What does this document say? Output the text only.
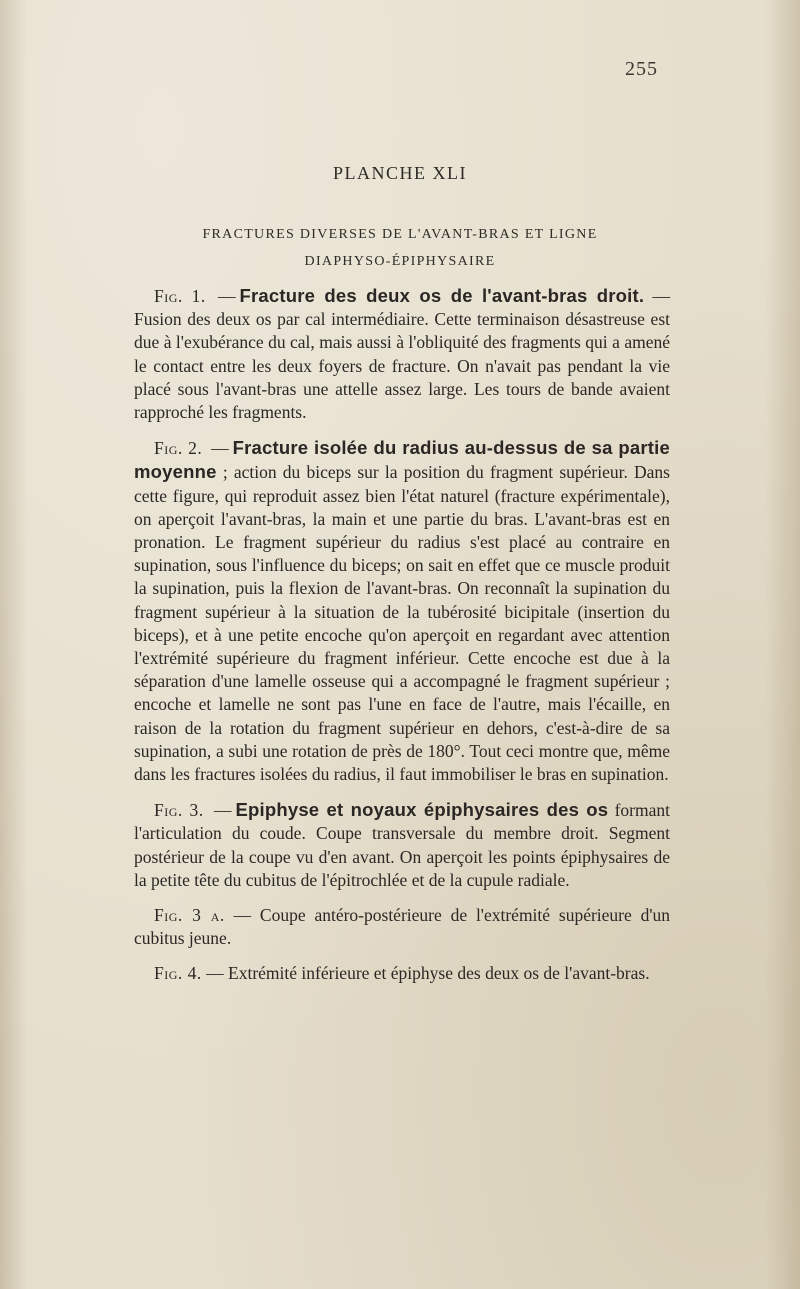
255
PLANCHE XLI
FRACTURES DIVERSES DE L'AVANT-BRAS ET LIGNE
DIAPHYSO-ÉPIPHYSAIRE

Fig. 1. — Fracture des deux os de l'avant-bras droit. — Fusion des deux os par cal intermédiaire. Cette terminaison désastreuse est due à l'exubérance du cal, mais aussi à l'obliquité des fragments qui a amené le contact entre les deux foyers de fracture. On n'avait pas pendant la vie placé sous l'avant-bras une attelle assez large. Les tours de bande avaient rapproché les fragments.

Fig. 2. — Fracture isolée du radius au-dessus de sa partie moyenne ; action du biceps sur la position du fragment supérieur. Dans cette figure, qui reproduit assez bien l'état naturel (fracture expérimentale), on aperçoit l'avant-bras, la main et une partie du bras. L'avant-bras est en pronation. Le fragment supérieur du radius s'est placé au contraire en supination, sous l'influence du biceps; on sait en effet que ce muscle produit la supination, puis la flexion de l'avant-bras. On reconnaît la supination du fragment supérieur à la situation de la tubérosité bicipitale (insertion du biceps), et à une petite encoche qu'on aperçoit en regardant avec attention l'extrémité supérieure du fragment inférieur. Cette encoche est due à la séparation d'une lamelle osseuse qui a accompagné le fragment supérieur ; encoche et lamelle ne sont pas l'une en face de l'autre, mais l'écaille, en raison de la rotation du fragment supérieur en dehors, c'est-à-dire de sa supination, a subi une rotation de près de 180°. Tout ceci montre que, même dans les fractures isolées du radius, il faut immobiliser le bras en supination.

Fig. 3. — Epiphyse et noyaux épiphysaires des os formant l'articulation du coude. Coupe transversale du membre droit. Segment postérieur de la coupe vu d'en avant. On aperçoit les points épiphysaires de la petite tête du cubitus de l'épitrochlée et de la cupule radiale.

Fig. 3 a. — Coupe antéro-postérieure de l'extrémité supérieure d'un cubitus jeune.

Fig. 4. — Extrémité inférieure et épiphyse des deux os de l'avant-bras.
